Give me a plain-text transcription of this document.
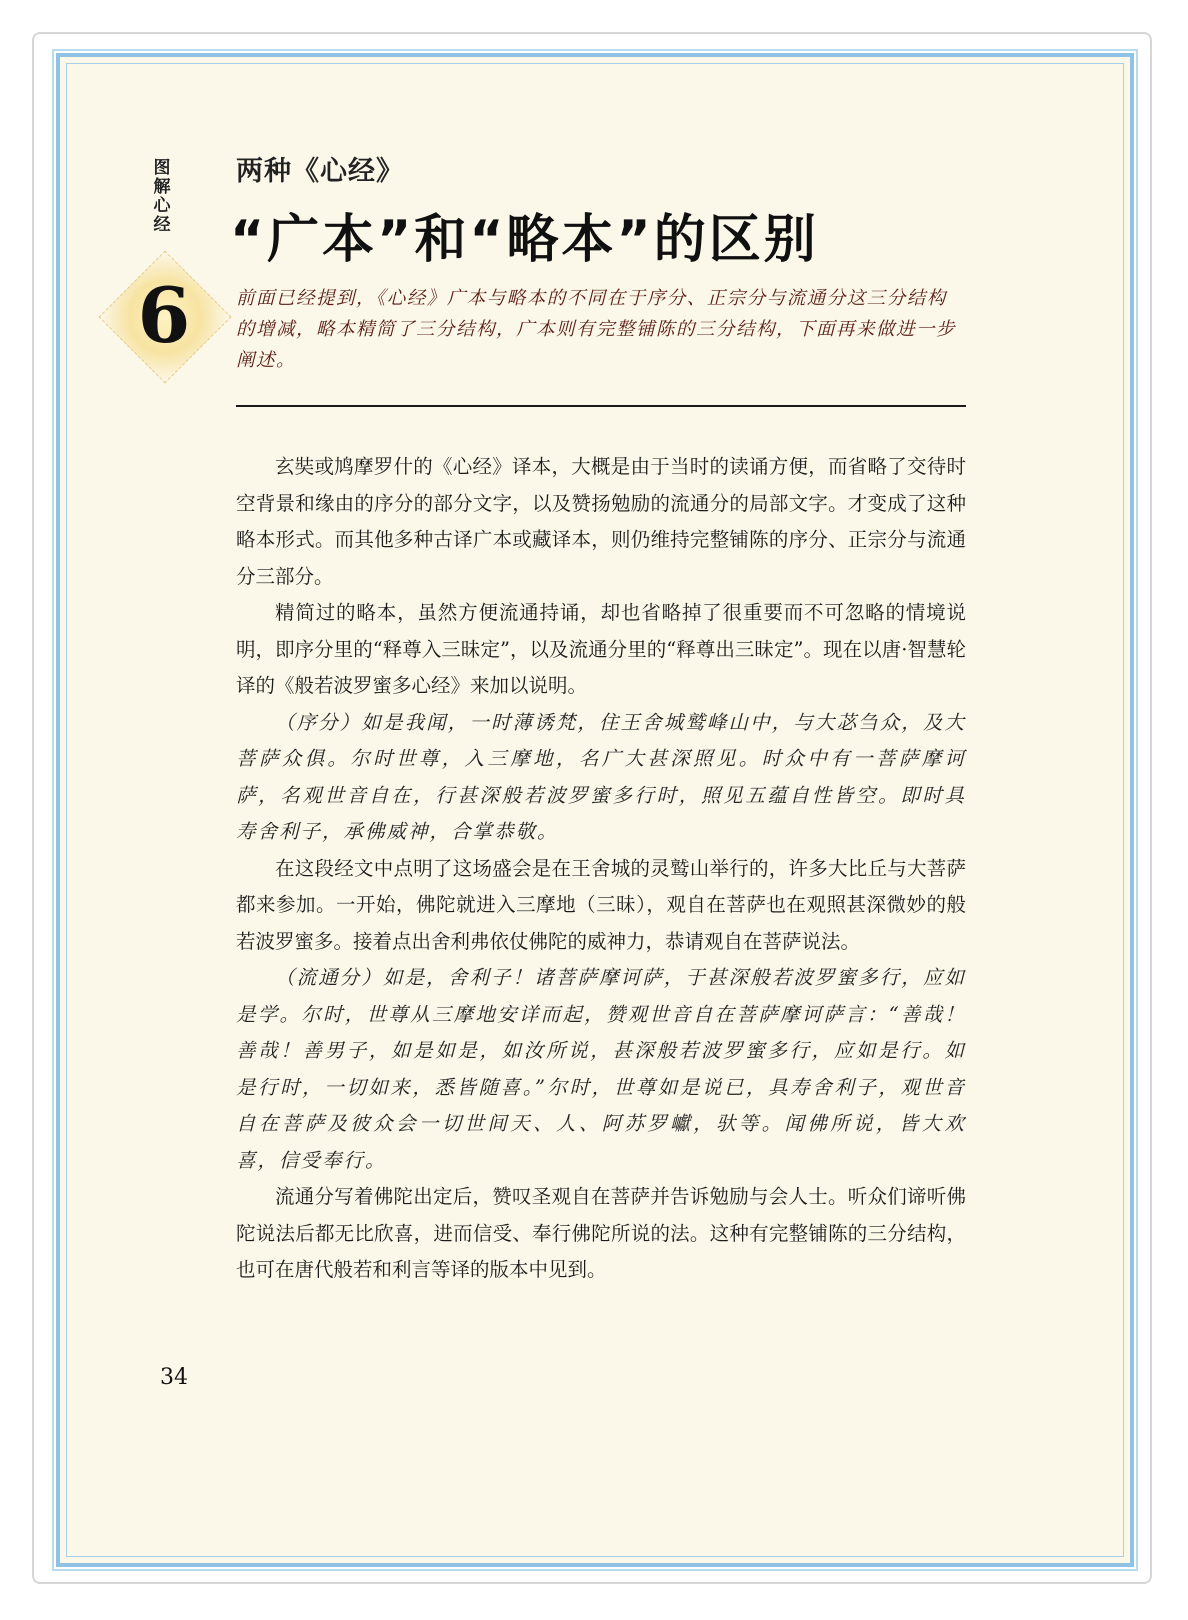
图
解
心
经
6
两种《心经》
“广本”和“略本”的区别
前面已经提到，《心经》广本与略本的不同在于序分、正宗分与流通分这三分结构的增减，略本精简了三分结构，广本则有完整铺陈的三分结构，下面再来做进一步阐述。

玄奘或鸠摩罗什的《心经》译本，大概是由于当时的读诵方便，而省略了交待时空背景和缘由的序分的部分文字，以及赞扬勉励的流通分的局部文字。才变成了这种略本形式。而其他多种古译广本或藏译本，则仍维持完整铺陈的序分、正宗分与流通分三部分。

精简过的略本，虽然方便流通持诵，却也省略掉了很重要而不可忽略的情境说明，即序分里的“释尊入三昧定”，以及流通分里的“释尊出三昧定”。现在以唐·智慧轮译的《般若波罗蜜多心经》来加以说明。

（序分）如是我闻，一时薄诱梵，住王舍城鹫峰山中，与大苾刍众，及大菩萨众俱。尔时世尊，入三摩地，名广大甚深照见。时众中有一菩萨摩诃萨，名观世音自在，行甚深般若波罗蜜多行时，照见五蕴自性皆空。即时具寿舍利子，承佛威神，合掌恭敬。

在这段经文中点明了这场盛会是在王舍城的灵鹫山举行的，许多大比丘与大菩萨都来参加。一开始，佛陀就进入三摩地（三昧），观自在菩萨也在观照甚深微妙的般若波罗蜜多。接着点出舍利弗依仗佛陀的威神力，恭请观自在菩萨说法。

（流通分）如是，舍利子！诸菩萨摩诃萨，于甚深般若波罗蜜多行，应如是学。尔时，世尊从三摩地安详而起，赞观世音自在菩萨摩诃萨言：“善哉！善哉！善男子，如是如是，如汝所说，甚深般若波罗蜜多行，应如是行。如是行时，一切如来，悉皆随喜。”尔时，世尊如是说已，具寿舍利子，观世音自在菩萨及彼众会一切世间天、人、阿苏罗巘，驮等。闻佛所说，皆大欢喜，信受奉行。

流通分写着佛陀出定后，赞叹圣观自在菩萨并告诉勉励与会人士。听众们谛听佛陀说法后都无比欣喜，进而信受、奉行佛陀所说的法。这种有完整铺陈的三分结构，也可在唐代般若和利言等译的版本中见到。

34
